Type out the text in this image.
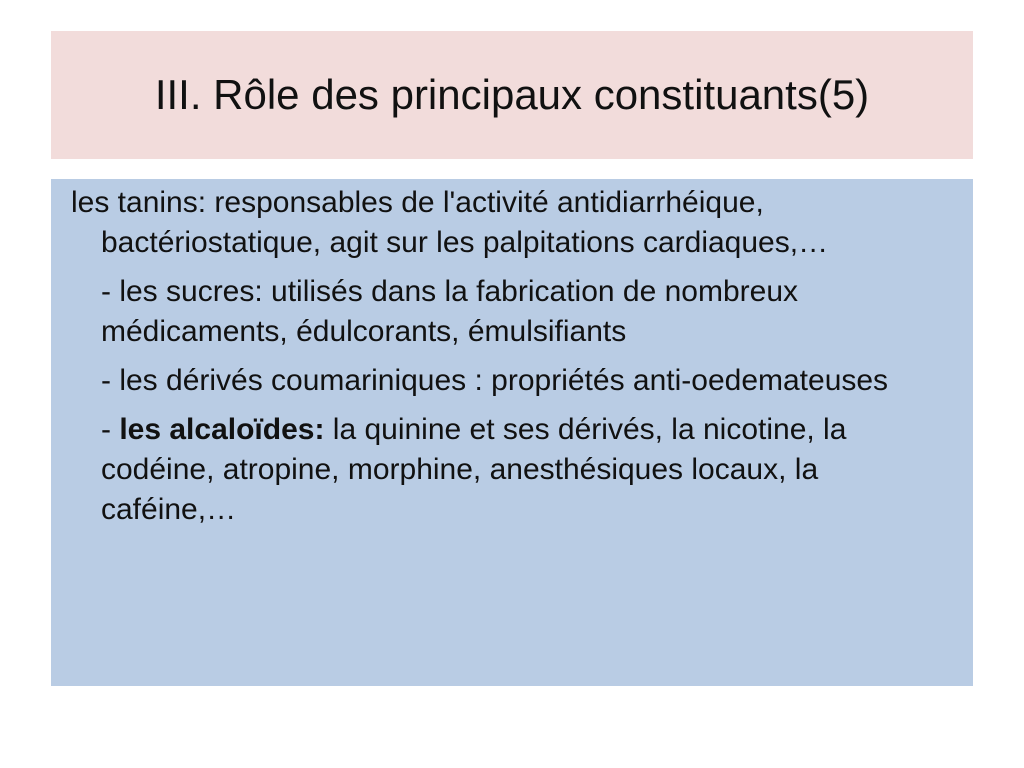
III. Rôle des principaux constituants(5)

les tanins: responsables de l'activité antidiarrhéique, bactériostatique, agit sur les palpitations cardiaques,…

- les sucres: utilisés dans la fabrication de nombreux médicaments, édulcorants, émulsifiants

- les dérivés coumariniques : propriétés anti-oedemateuses

- les alcaloïdes: la quinine et ses dérivés, la nicotine, la codéine, atropine, morphine, anesthésiques locaux, la caféine,…
